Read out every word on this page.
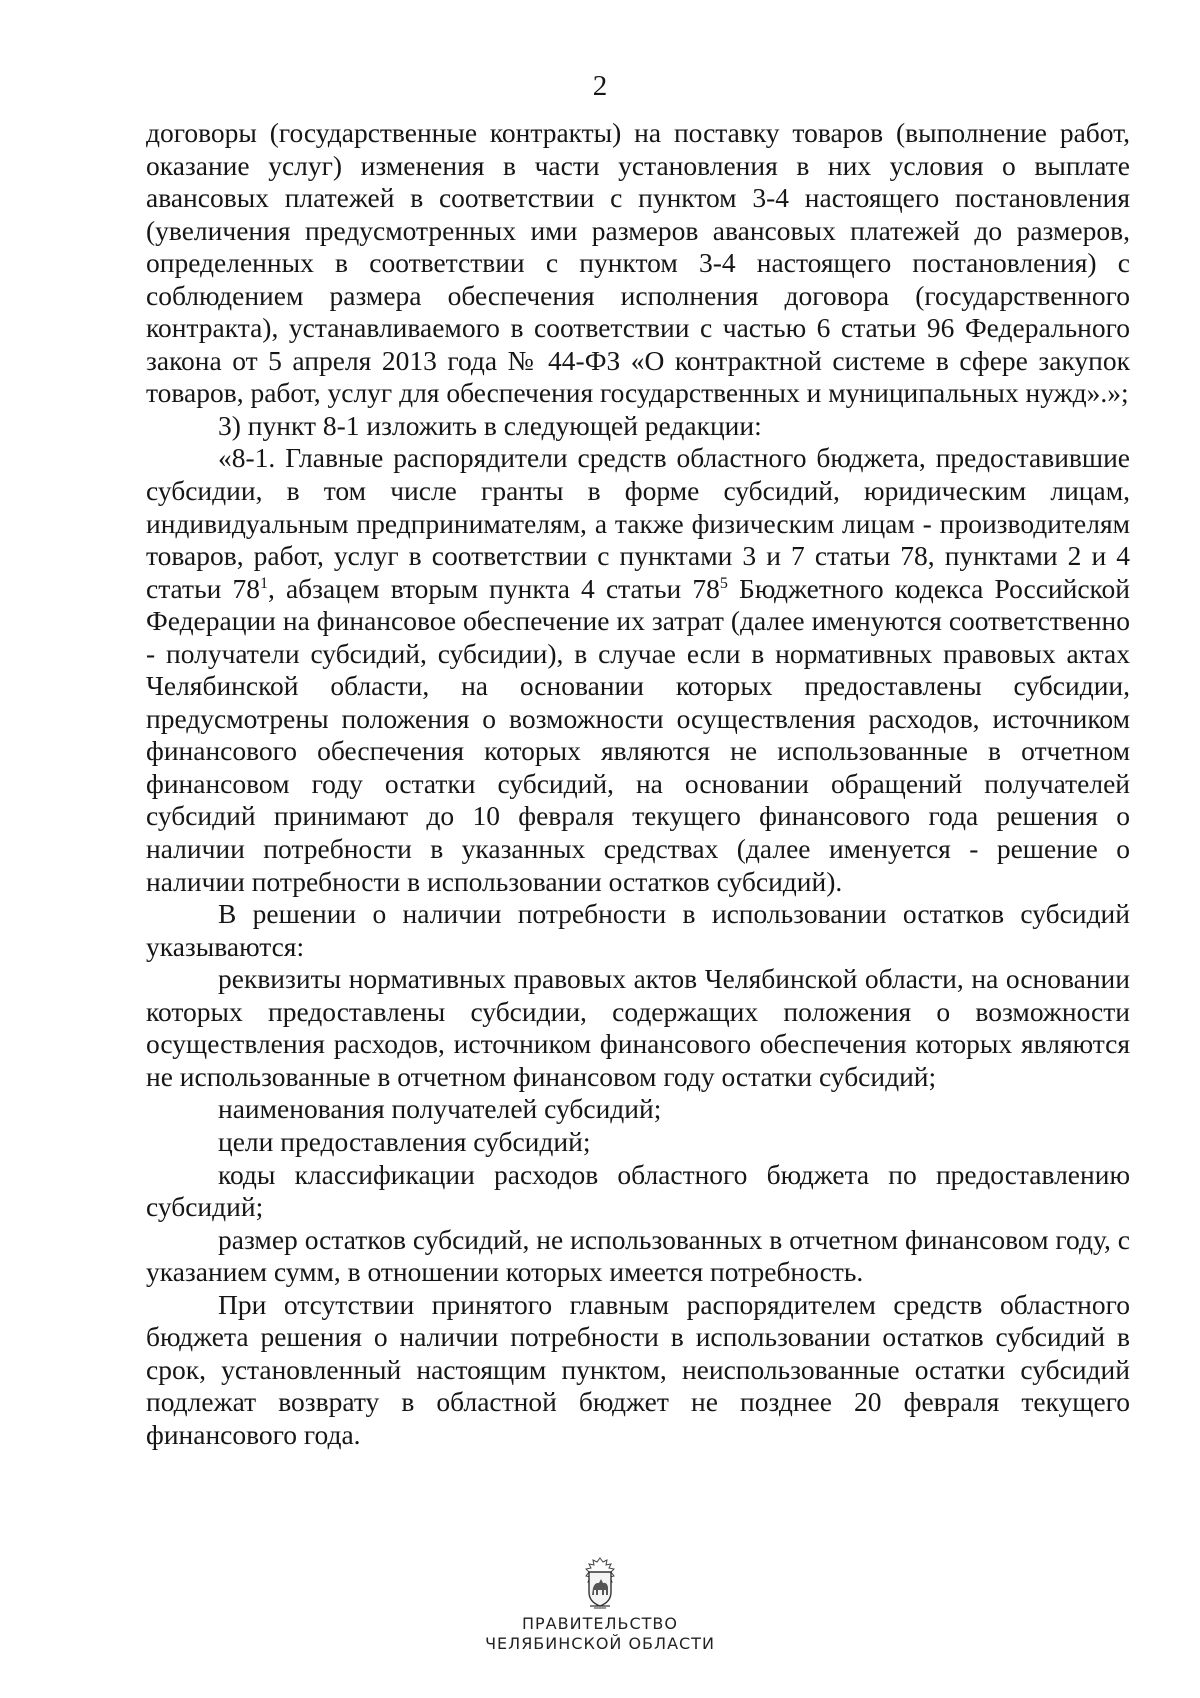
2

договоры (государственные контракты) на поставку товаров (выполнение работ, оказание услуг) изменения в части установления в них условия о выплате авансовых платежей в соответствии с пунктом 3-4 настоящего постановления (увеличения предусмотренных ими размеров авансовых платежей до размеров, определенных в соответствии с пунктом 3-4 настоящего постановления) с соблюдением размера обеспечения исполнения договора (государственного контракта), устанавливаемого в соответствии с частью 6 статьи 96 Федерального закона от 5 апреля 2013 года № 44-ФЗ «О контрактной системе в сфере закупок товаров, работ, услуг для обеспечения государственных и муниципальных нужд».»;

3) пункт 8-1 изложить в следующей редакции:

«8-1. Главные распорядители средств областного бюджета, предоставившие субсидии, в том числе гранты в форме субсидий, юридическим лицам, индивидуальным предпринимателям, а также физическим лицам - производителям товаров, работ, услуг в соответствии с пунктами 3 и 7 статьи 78, пунктами 2 и 4 статьи $78^1$, абзацем вторым пункта 4 статьи $78^5$ Бюджетного кодекса Российской Федерации на финансовое обеспечение их затрат (далее именуются соответственно - получатели субсидий, субсидии), в случае если в нормативных правовых актах Челябинской области, на основании которых предоставлены субсидии, предусмотрены положения о возможности осуществления расходов, источником финансового обеспечения которых являются не использованные в отчетном финансовом году остатки субсидий, на основании обращений получателей субсидий принимают до 10 февраля текущего финансового года решения о наличии потребности в указанных средствах (далее именуется - решение о наличии потребности в использовании остатков субсидий).

В решении о наличии потребности в использовании остатков субсидий указываются:

реквизиты нормативных правовых актов Челябинской области, на основании которых предоставлены субсидии, содержащих положения о возможности осуществления расходов, источником финансового обеспечения которых являются не использованные в отчетном финансовом году остатки субсидий;

наименования получателей субсидий;

цели предоставления субсидий;

коды классификации расходов областного бюджета по предоставлению субсидий;

размер остатков субсидий, не использованных в отчетном финансовом году, с указанием сумм, в отношении которых имеется потребность.

При отсутствии принятого главным распорядителем средств областного бюджета решения о наличии потребности в использовании остатков субсидий в срок, установленный настоящим пунктом, неиспользованные остатки субсидий подлежат возврату в областной бюджет не позднее 20 февраля текущего финансового года.

ПРАВИТЕЛЬСТВО
ЧЕЛЯБИНСКОЙ ОБЛАСТИ
